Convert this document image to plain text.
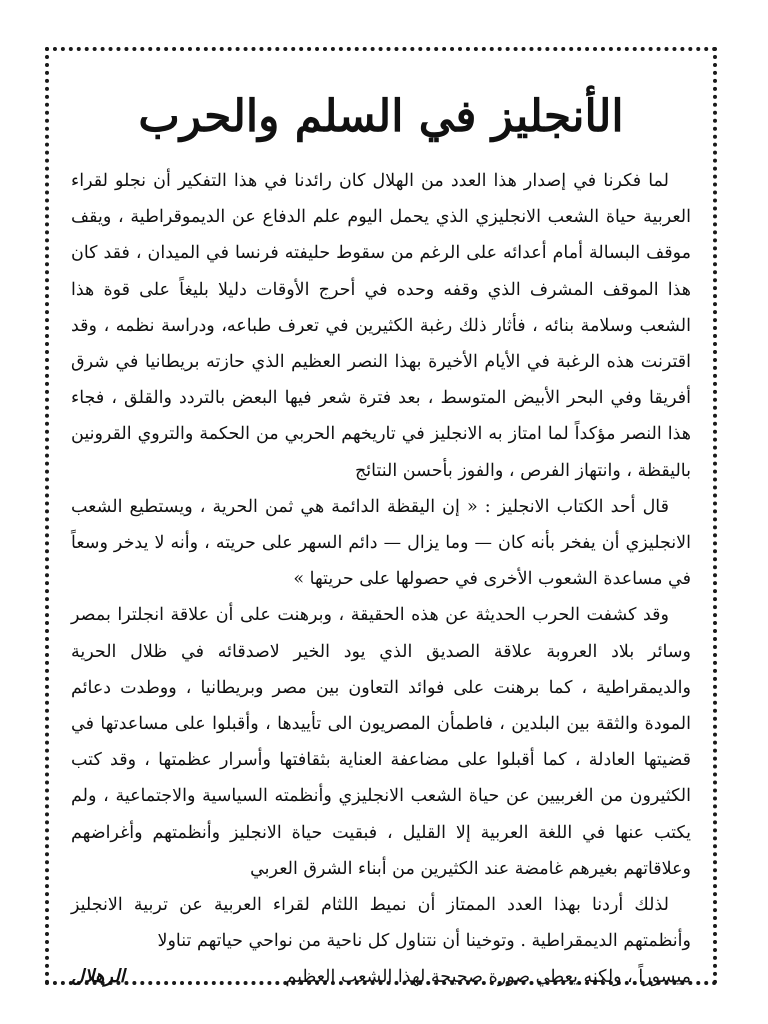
الأنجليز في السلم والحرب

لما فكرنا في إصدار هذا العدد من الهلال كان رائدنا في هذا التفكير أن نجلو لقراء العربية حياة الشعب الانجليزي الذي يحمل اليوم علم الدفاع عن الديموقراطية ، ويقف موقف البسالة أمام أعدائه على الرغم من سقوط حليفته فرنسا في الميدان ، فقد كان هذا الموقف المشرف الذي وقفه وحده في أحرج الأوقات دليلا بليغاً على قوة هذا الشعب وسلامة بنائه ، فأثار ذلك رغبة الكثيرين في تعرف طباعه، ودراسة نظمه ، وقد اقترنت هذه الرغبة في الأيام الأخيرة بهذا النصر العظيم الذي حازته بريطانيا في شرق أفريقا وفي البحر الأبيض المتوسط ، بعد فترة شعر فيها البعض بالتردد والقلق ، فجاء هذا النصر مؤكداً لما امتاز به الانجليز في تاريخهم الحربي من الحكمة والتروي القرونين باليقظة ، وانتهاز الفرص ، والفوز بأحسن النتائج

قال أحد الكتاب الانجليز : « إن اليقظة الدائمة هي ثمن الحرية ، ويستطيع الشعب الانجليزي أن يفخر بأنه كان — وما يزال — دائم السهر على حريته ، وأنه لا يدخر وسعاً في مساعدة الشعوب الأخرى في حصولها على حريتها »

وقد كشفت الحرب الحديثة عن هذه الحقيقة ، وبرهنت على أن علاقة انجلترا بمصر وسائر بلاد العروبة علاقة الصديق الذي يود الخير لاصدقائه في ظلال الحرية والديمقراطية ، كما برهنت على فوائد التعاون بين مصر وبريطانيا ، ووطدت دعائم المودة والثقة بين البلدين ، فاطمأن المصريون الى تأييدها ، وأقبلوا على مساعدتها في قضيتها العادلة ، كما أقبلوا على مضاعفة العناية بثقافتها وأسرار عظمتها ، وقد كتب الكثيرون من الغربيين عن حياة الشعب الانجليزي وأنظمته السياسية والاجتماعية ، ولم يكتب عنها في اللغة العربية إلا القليل ، فبقيت حياة الانجليز وأنظمتهم وأغراضهم وعلاقاتهم بغيرهم غامضة عند الكثيرين من أبناء الشرق العربي

لذلك أردنا بهذا العدد الممتاز أن نميط اللثام لقراء العربية عن تربية الانجليز وأنظمتهم الديمقراطية . وتوخينا أن نتناول كل ناحية من نواحي حياتهم تناولا

ميسوراً ، ولكنه يعطي صورة صحيحة لهذا الشعب العظيم
الرهلال
